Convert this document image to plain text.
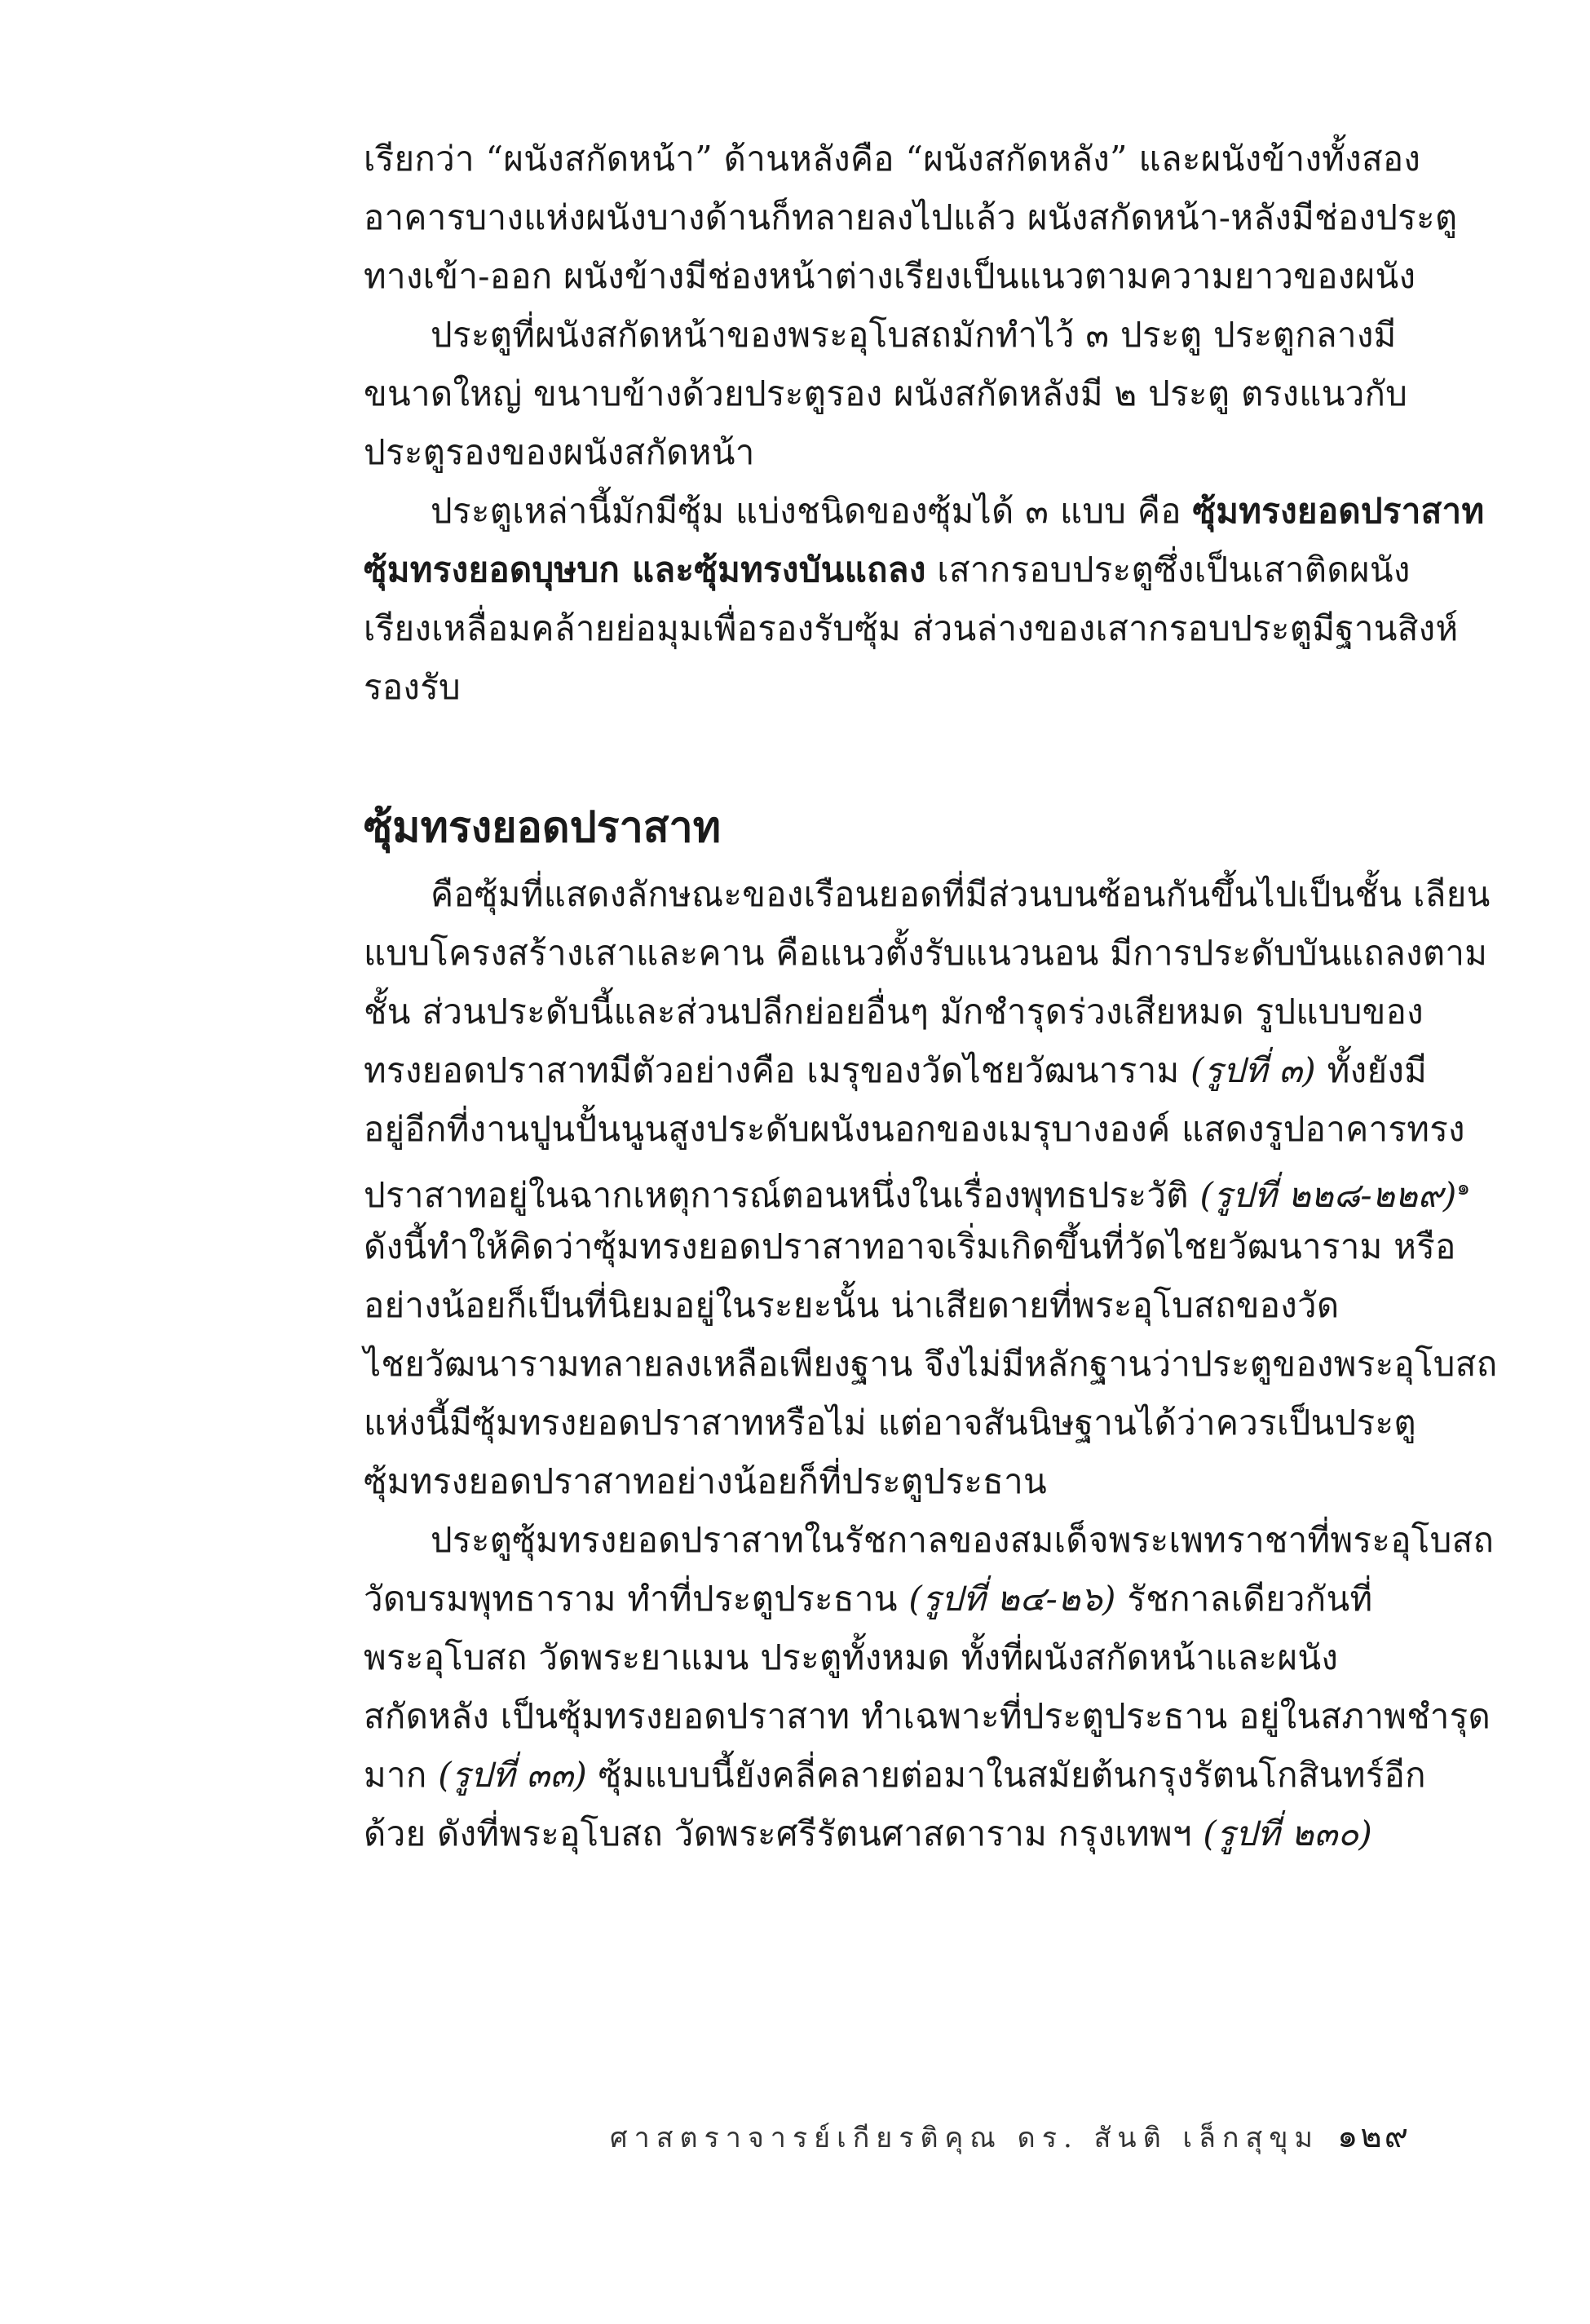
เรียกว่า “ผนังสกัดหน้า” ด้านหลังคือ “ผนังสกัดหลัง” และผนังข้างทั้งสอง
อาคารบางแห่งผนังบางด้านก็ทลายลงไปแล้ว ผนังสกัดหน้า-หลังมีช่องประตู
ทางเข้า-ออก ผนังข้างมีช่องหน้าต่างเรียงเป็นแนวตามความยาวของผนัง
ประตูที่ผนังสกัดหน้าของพระอุโบสถมักทำไว้ ๓ ประตู ประตูกลางมี
ขนาดใหญ่ ขนาบข้างด้วยประตูรอง ผนังสกัดหลังมี ๒ ประตู ตรงแนวกับ
ประตูรองของผนังสกัดหน้า
ประตูเหล่านี้มักมีซุ้ม แบ่งชนิดของซุ้มได้ ๓ แบบ คือ ซุ้มทรงยอดปราสาท
ซุ้มทรงยอดบุษบก และซุ้มทรงบันแถลง เสากรอบประตูซึ่งเป็นเสาติดผนัง
เรียงเหลื่อมคล้ายย่อมุมเพื่อรองรับซุ้ม ส่วนล่างของเสากรอบประตูมีฐานสิงห์
รองรับ
ซุ้มทรงยอดปราสาท
คือซุ้มที่แสดงลักษณะของเรือนยอดที่มีส่วนบนซ้อนกันขึ้นไปเป็นชั้น เลียน
แบบโครงสร้างเสาและคาน คือแนวตั้งรับแนวนอน มีการประดับบันแถลงตาม
ชั้น ส่วนประดับนี้และส่วนปลีกย่อยอื่นๆ มักชำรุดร่วงเสียหมด รูปแบบของ
ทรงยอดปราสาทมีตัวอย่างคือ เมรุของวัดไชยวัฒนาราม (รูปที่ ๓) ทั้งยังมี
อยู่อีกที่งานปูนปั้นนูนสูงประดับผนังนอกของเมรุบางองค์ แสดงรูปอาคารทรง
ปราสาทอยู่ในฉากเหตุการณ์ตอนหนึ่งในเรื่องพุทธประวัติ (รูปที่ ๒๒๘-๒๒๙)$^๑$
ดังนี้ทำให้คิดว่าซุ้มทรงยอดปราสาทอาจเริ่มเกิดขึ้นที่วัดไชยวัฒนาราม หรือ
อย่างน้อยก็เป็นที่นิยมอยู่ในระยะนั้น น่าเสียดายที่พระอุโบสถของวัด
ไชยวัฒนารามทลายลงเหลือเพียงฐาน จึงไม่มีหลักฐานว่าประตูของพระอุโบสถ
แห่งนี้มีซุ้มทรงยอดปราสาทหรือไม่ แต่อาจสันนิษฐานได้ว่าควรเป็นประตู
ซุ้มทรงยอดปราสาทอย่างน้อยก็ที่ประตูประธาน
ประตูซุ้มทรงยอดปราสาทในรัชกาลของสมเด็จพระเพทราชาที่พระอุโบสถ
วัดบรมพุทธาราม ทำที่ประตูประธาน (รูปที่ ๒๔-๒๖) รัชกาลเดียวกันที่
พระอุโบสถ วัดพระยาแมน ประตูทั้งหมด ทั้งที่ผนังสกัดหน้าและผนัง
สกัดหลัง เป็นซุ้มทรงยอดปราสาท ทำเฉพาะที่ประตูประธาน อยู่ในสภาพชำรุด
มาก (รูปที่ ๓๓) ซุ้มแบบนี้ยังคลี่คลายต่อมาในสมัยต้นกรุงรัตนโกสินทร์อีก
ด้วย ดังที่พระอุโบสถ วัดพระศรีรัตนศาสดาราม กรุงเทพฯ (รูปที่ ๒๓๐)
ศาสตราจารย์เกียรติคุณ ดร. สันติ เล็กสุขุม ๑๒๙
